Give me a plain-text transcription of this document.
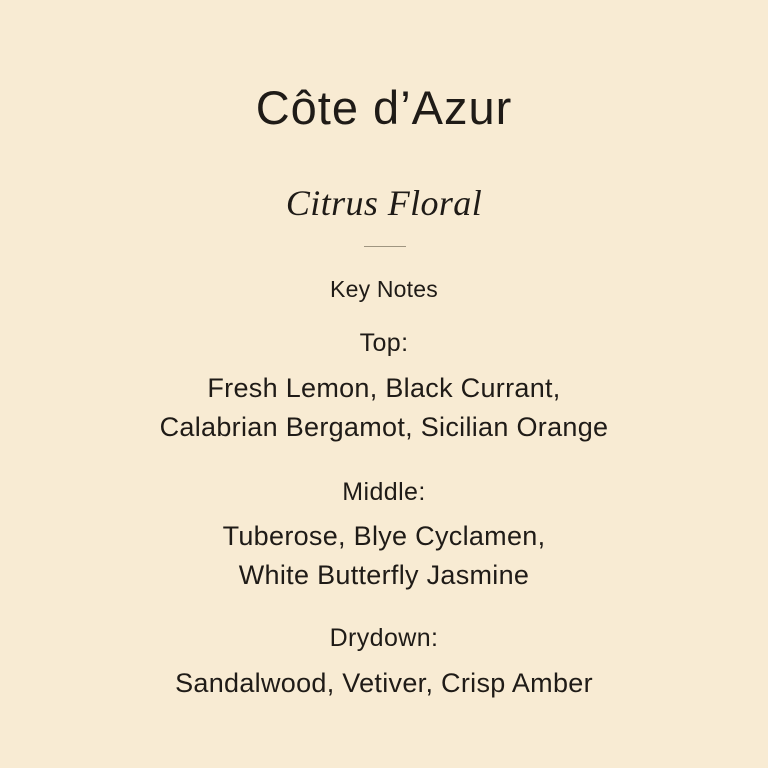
Côte d’Azur
Citrus Floral
Key Notes
Top:
Fresh Lemon, Black Currant,
Calabrian Bergamot, Sicilian Orange
Middle:
Tuberose, Blye Cyclamen,
White Butterfly Jasmine
Drydown:
Sandalwood, Vetiver, Crisp Amber
